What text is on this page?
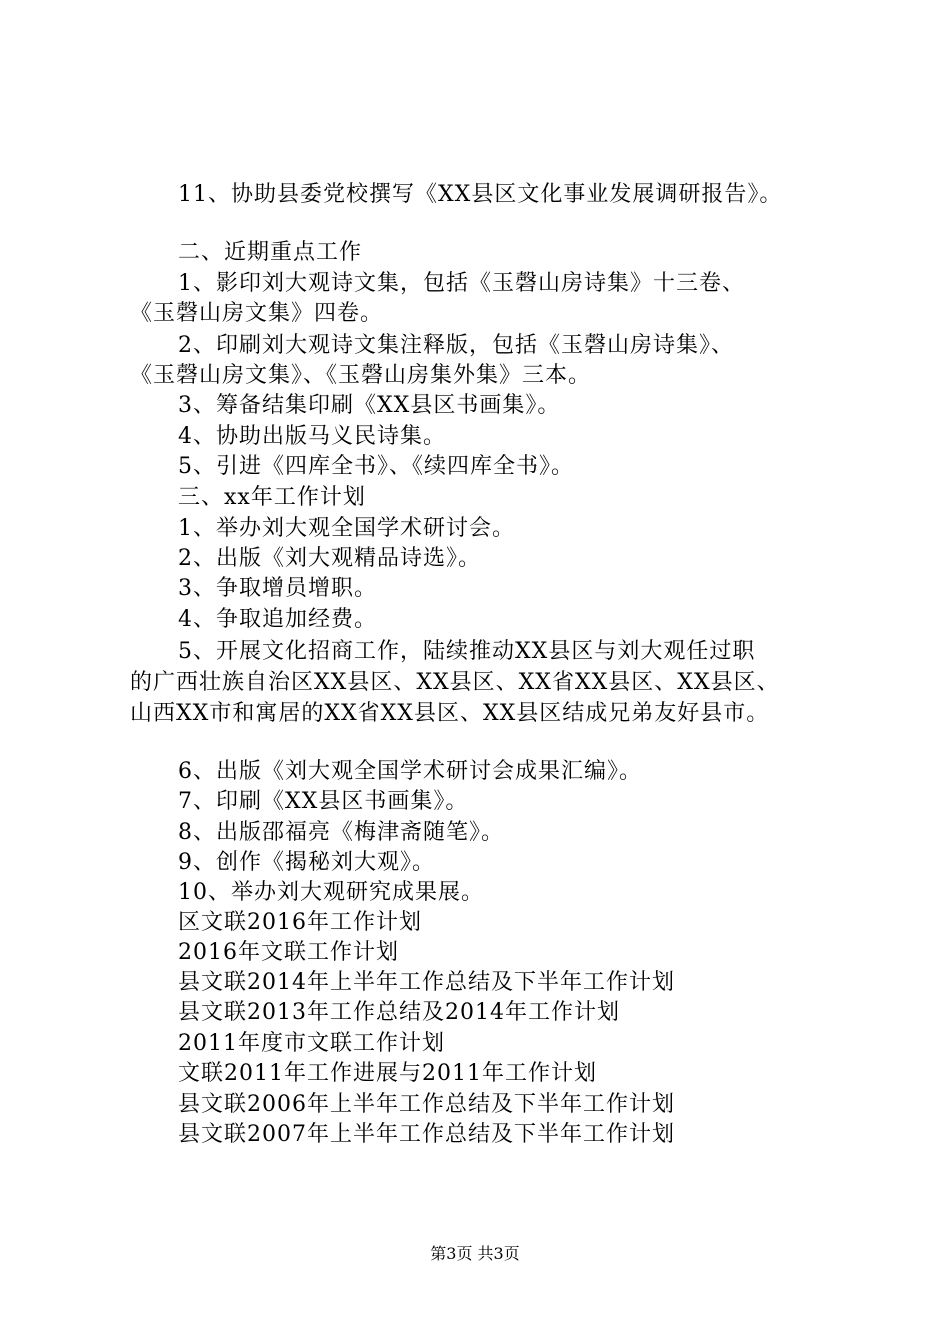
11、协助县委党校撰写《XX县区文化事业发展调研报告》。
二、近期重点工作
1、影印刘大观诗文集，包括《玉磬山房诗集》十三卷、
《玉磬山房文集》四卷。
2、印刷刘大观诗文集注释版，包括《玉磬山房诗集》、
《玉磬山房文集》、《玉磬山房集外集》三本。
3、筹备结集印刷《XX县区书画集》。
4、协助出版马义民诗集。
5、引进《四库全书》、《续四库全书》。
三、xx年工作计划
1、举办刘大观全国学术研讨会。
2、出版《刘大观精品诗选》。
3、争取增员增职。
4、争取追加经费。
5、开展文化招商工作，陆续推动XX县区与刘大观任过职
的广西壮族自治区XX县区、XX县区、XX省XX县区、XX县区、
山西XX市和寓居的XX省XX县区、XX县区结成兄弟友好县市。
6、出版《刘大观全国学术研讨会成果汇编》。
7、印刷《XX县区书画集》。
8、出版邵福亮《梅津斋随笔》。
9、创作《揭秘刘大观》。
10、举办刘大观研究成果展。
区文联2016年工作计划
2016年文联工作计划
县文联2014年上半年工作总结及下半年工作计划
县文联2013年工作总结及2014年工作计划
2011年度市文联工作计划
文联2011年工作进展与2011年工作计划
县文联2006年上半年工作总结及下半年工作计划
县文联2007年上半年工作总结及下半年工作计划
第3页 共3页
